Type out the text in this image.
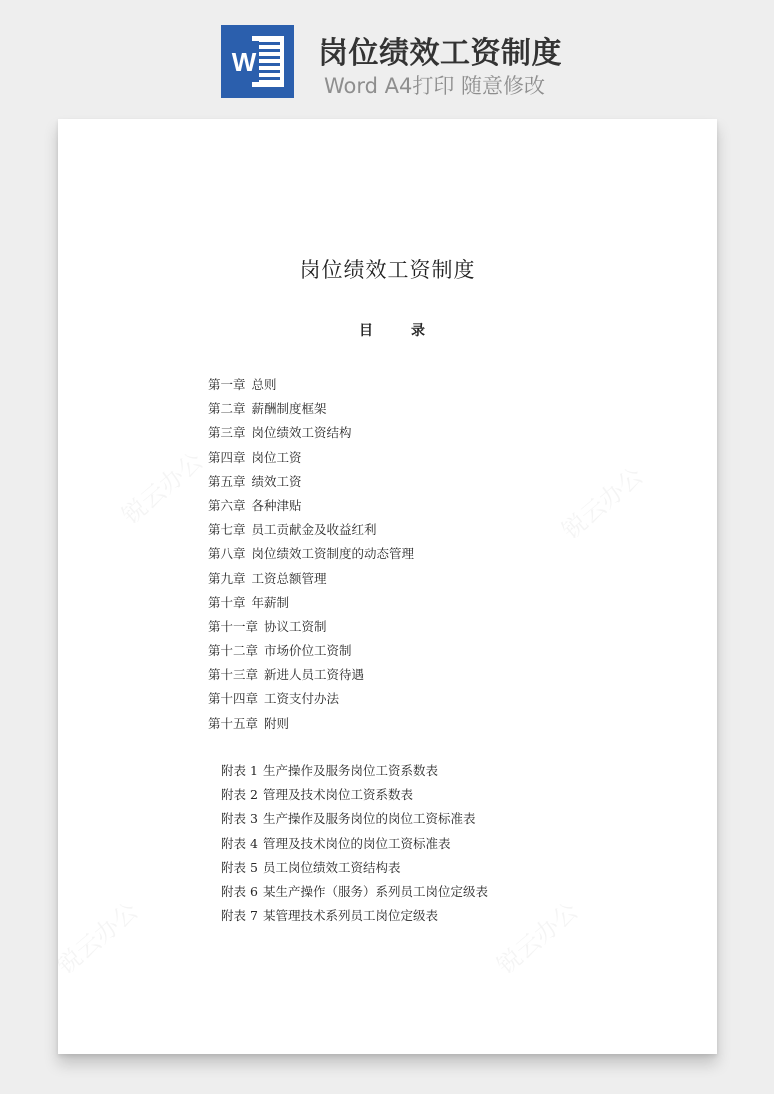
W 岗位绩效工资制度
Word A4打印 随意修改
岗位绩效工资制度
目	录
第一章 总则
第二章 薪酬制度框架
第三章 岗位绩效工资结构
第四章 岗位工资
第五章 绩效工资
第六章 各种津贴
第七章 员工贡献金及收益红利
第八章 岗位绩效工资制度的动态管理
第九章 工资总额管理
第十章 年薪制
第十一章 协议工资制
第十二章 市场价位工资制
第十三章 新进人员工资待遇
第十四章 工资支付办法
第十五章 附则
附表 1 生产操作及服务岗位工资系数表
附表 2 管理及技术岗位工资系数表
附表 3 生产操作及服务岗位的岗位工资标准表
附表 4 管理及技术岗位的岗位工资标准表
附表 5 员工岗位绩效工资结构表
附表 6 某生产操作（服务）系列员工岗位定级表
附表 7 某管理技术系列员工岗位定级表
